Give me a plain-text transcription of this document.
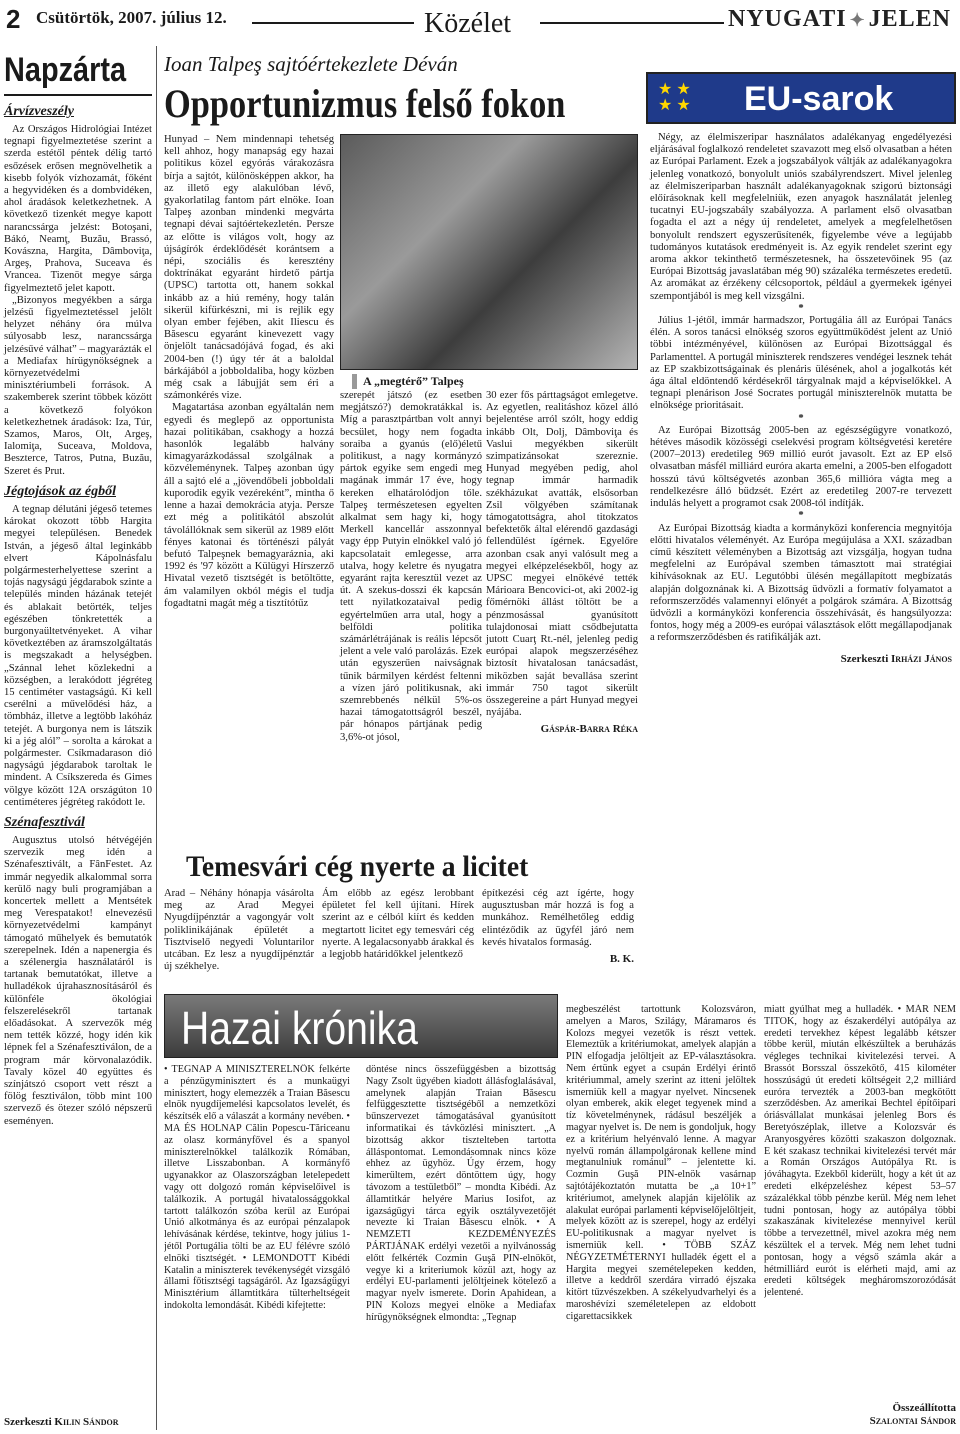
2 Csütörtök, 2007. július 12.	Közélet	NYUGATI ✦ JELEN
Napzárta
Árvízveszély

Az Országos Hidrológiai Intézet tegnapi figyelmeztetése szerint a szerda estétől péntek délig tartó esőzések erősen megnövelhetik a kisebb folyók vízhozamát, főként a hegyvidéken és a dombvidéken, ahol áradások keletkezhetnek. A következő tizenkét megye kapott narancssárga jelzést: Botoşani, Bákó, Neamţ, Buzău, Brassó, Kovászna, Hargita, Dâmboviţa, Argeş, Prahova, Suceava és Vrancea. Tizenöt megye sárga figyelmeztető jelet kapott.

„Bizonyos megyékben a sárga jelzésű figyelmeztetéssel jelölt helyzet néhány óra múlva súlyosabb lesz, narancssárga jelzésűvé válhat” – magyarázták el a Mediafax hírügynökségnek a környezetvédelmi minisztériumbeli források. A szakemberek szerint többek között a következő folyókon keletkezhetnek áradások: Iza, Túr, Szamos, Maros, Olt, Argeş, Ialomiţa, Suceava, Moldova, Beszterce, Tatros, Putna, Buzău, Szeret és Prut.

Jégtojások az égből

A tegnap délutáni jégeső tetemes károkat okozott több Hargita megyei településen. Benedek István, a jégeső által leginkább elvert Kápolnásfalu polgármesterhelyettese szerint a tojás nagyságú jégdarabok szinte a település minden házának tetejét és ablakait betörték, teljes egészében tönkretették a burgonyaültetvényeket. A vihar következtében az áramszolgáltatás is megszakadt a helységben. „Szánnal lehet közlekedni a községben, a lerakódott jégréteg 15 centiméter vastagságú. Ki kell cserélni a művelődési ház, a tömbház, illetve a legtöbb lakóház tetejét. A burgonya nem is látszik ki a jég alól” – sorolta a károkat a polgármester. Csíkmadarason dió nagyságú jégdarabok taroltak le mindent. A Csíkszereda és Gimes völgye között 12A országúton 10 centiméteres jégréteg rakódott le.

Szénafesztivál

Augusztus utolsó hétvégéjén szervezik meg idén a Szénafesztivált, a FânFestet. Az immár negyedik alkalommal sorra kerülő nagy buli programjában a koncertek mellett a Mentsétek meg Verespatakot! elnevezésű környezetvédelmi kampányt támogató műhelyek és bemutatók szerepelnek. Idén a napenergia és a szélenergia használatáról is tartanak bemutatókat, illetve a hulladékok újrahasznosításáról és különféle ökológiai felszerelésekről tartanak előadásokat. A szervezők még nem tették közzé, hogy idén kik lépnek fel a Szénafesztiválon, de a program már körvonalazódik. Tavaly közel 40 együttes és színjátszó csoport vett részt a fölög fesztiválon, több mint 100 szervező és ötezer szóló népszerű eseményen.

Szerkeszti Kilin Sándor
Ioan Talpeş sajtóértekezlete Déván
Opportunizmus felső fokon

Hunyad – Nem mindennapi tehetség kell ahhoz, hogy manapság egy hazai politikus közel egyórás várakozásra bírja a sajtót, különösképpen akkor, ha az illető egy alakulóban lévő, gyakorlatilag fantom párt elnöke. Ioan Talpeş azonban mindenki megvárta tegnapi dévai sajtóértekezletén. Persze az előtte is világos volt, hogy az újságírók érdeklődését korántsem a népi, szociális és keresztény doktrínákat egyaránt hirdető pártja (UPSC) tartotta ott, hanem sokkal inkább az a hiú remény, hogy talán sikerül kifürkészni, mi is rejlik egy olyan ember fejében, akit Iliescu és Băsescu egyaránt kinevezett vagy önjelölt tanácsadójává fogad, és aki 2004-ben (!) úgy tér át a baloldal bárkájából a jobboldaliba, hogy közben még csak a lábujját sem éri a számonkérés vize.

Magatartása azonban egyáltalán nem egyedi és meglepő az opportunista hazai politikában, csakhogy a hozzá hasonlók legalább halvány kimagyarázkodással szolgálnak a közvéleménynek. Talpeş azonban úgy áll a sajtó elé a „jövendőbeli jobboldali kuporodik egyik vezéreként”, mintha ő lenne a hazai demokrácia atyja. Persze ezt még a politikától abszolút távolállóknak sem sikerül az 1989 előtt fényes katonai és történészi pályát befutó Talpeşnek bemagyaráznia, aki 1992 és '97 között a Külügyi Hírszerző Hivatal vezető tisztségét is betöltötte, ám valamilyen okból mégis el tudja fogadtatni magát még a tisztítótűz

A „megtérő” Talpeş

szerepét játszó (ez esetben megjátszó?) demokratákkal is. Míg a parasztpártban volt annyi becsület, hogy nem fogadta soraiba a gyanús (elő)életű politikust, a nagy kormányzó pártok egyike sem engedi meg magának immár 17 éve, hogy kereken elhatárolódjon tőle. Talpeş természetesen egyelten alkalmat sem hagy ki, hogy Merkell kancellár asszonnyal vagy épp Putyin elnökkel való jó kapcsolatait emlegesse, arra utalva, hogy keletre és nyugatra egyaránt rajta keresztül vezet az út. A szekus-dosszi ék kapcsán tett nyilatkozataival pedig egyértelműen arra utal, hogy a belföldi politika számárlétrájának is reális lépcsőt jelent a vele való parolázás. Ezek után egyszerűen naivságnak tűnik bármilyen kérdést feltenni a vízen járó politikusnak, aki szemrebbenés nélkül 5%-os hazai támogatottságról beszél, pár hónapos pártjának pedig 3,6%-ot jósol,

30 ezer fős párttagságot emlegetve. Az egyetlen, realitáshoz közel álló bejelentése arról szólt, hogy eddig inkább Olt, Dolj, Dâmboviţa és Vaslui megyékben sikerült szimpatizánsokat szereznie. Hunyad megyében pedig, ahol tegnap immár harmadik székházukat avatták, elsősorban Zsil völgyében számítanak támogatottságra, ahol titokzatos befektetők által elérendő gazdasági fellendülést ígérnek. Egyelőre azonban csak anyi valósult meg a megyei elképzelésekből, hogy az UPSC megyei elnökévé tették Márioara Bencovici-ot, aki 2002-ig főmérnöki állást töltött be a pénzmosással gyanúsított tulajdonosai miatt csődbejutatta jutott Cuarţ Rt.-nél, jelenleg pedig európai alapok megszerzéséhez biztosít hivatalosan tanácsadást, miközben saját bevallása szerint immár 750 tagot sikerült összegereine a párt Hunyad megyei nyájába.

Gáspár-Barra Réka
Temesvári cég nyerte a licitet

Arad – Néhány hónapja vásárolta meg az Arad Megyei Nyugdíjpénztár a vagongyár volt poliklinikájának épületét a Tisztviselő negyedi Voluntarilor utcában. Ez lesz a nyugdíjpénztár új székhelye.

Ám előbb az egész lerobbant épületet fel kell újítani. Hírek szerint az e célból kiírt és kedden megtartott licitet egy temesvári cég nyerte. A legalacsonyabb árakkal és a legjobb határidőkkel jelentkező

építkezési cég azt ígérte, hogy augusztusban már hozzá is fog a munkához. Remélhetőleg eddig elintéződik az ügyfél járó nem kevés hivatalos formaság.

B. K.
★ ★
★ ★ EU-sarok

Négy, az élelmiszeripar használatos adalékanyag engedélyezési eljárásával foglalkozó rendeletet szavazott meg első olvasatban a héten az Európai Parlament. Ezek a jogszabályok váltják az adalékanyagokra jelenleg vonatkozó, bonyolult uniós szabályrendszert. Mivel jelenleg az élelmiszeriparban használt adalékanyagoknak szigorú biztonsági előírásoknak kell megfelelniük, ezen anyagok használatát jelenleg tucatnyi EU-jogszabály szabályozza. A parlament első olvasatban fogadta el azt a négy új rendeletet, amelyek a megfelelhetősen bonyolult rendszert egyszerűsítenék, figyelembe véve a legújabb tudományos kutatások eredményeit is. Az egyik rendelet szerint egy aroma akkor tekinthető természetesnek, ha összetevőinek 95 (az Európai Bizottság javaslatában még 90) százaléka természetes eredetű. Az aromákat az érzékeny célcsoportok, például a gyermekek igényei szempontjából is meg kell vizsgálni.

*

Július 1-jétől, immár harmadszor, Portugália áll az Európai Tanács élén. A soros tanácsi elnökség szoros együttműködést jelent az Unió többi intézményével, különösen az Európai Bizottsággal és Parlamenttel. A portugál miniszterek rendszeres vendégei lesznek tehát az EP szakbizottságainak és plenáris ülésének, ahol a jogalkotás két ága által eldöntendő kérdésekről tárgyalnak majd a képviselőkkel. A tegnapi plenárison José Socrates portugál miniszterelnök mutatta be elnöksége prioritásait.

*

Az Európai Bizottság 2005-ben az egészségügyre vonatkozó, hétéves második közösségi cselekvési program költségvetési keretére (2007–2013) eredetileg 969 millió eurót javasolt. Ezt az EP első olvasatban másfél milliárd euróra akarta emelni, a 2005-ben elfogadott hosszú távú költségvetés azonban 365,6 millióra vágta meg a rendelkezésre álló büdzsét. Ezért az eredetileg 2007-re tervezett indulás helyett a programot csak 2008-tól indítják.

*

Az Európai Bizottság kiadta a kormányközi konferencia megnyitója előtti hivatalos véleményét. Az Európa megújulása a XXI. században című készített véleményben a Bizottság azt vizsgálja, hogyan tudna megfelelni az Európával szemben támasztott mai stratégiai kihívásoknak az EU. Legutóbbi ülésén megállapított megbízatás alapján dolgoznának ki. A Bizottság üdvözli a formatív folyamatot a reformszerződés valamennyi előnyét a polgárok számára. A Bizottság üdvözli a kormányközi konferencia összehívását, és hangsúlyozza: fontos, hogy még a 2009-es európai választások előtt megállapodjanak a reformszerződésben és ratifikálják azt.

Szerkeszti Irházi János
Hazai krónika

• TEGNAP A MINISZTERELNÖK felkérte a pénzügyminisztert és a munkaügyi minisztert, hogy elemezzék a Traian Băsescu elnök nyugdíjemelési kapcsolatos levelét, és készítsék elő a válaszát a kormány nevében. • MA ÉS HOLNAP Călin Popescu-Tăriceanu az olasz kormányfővel és a spanyol miniszterelnökkel találkozik Rómában, illetve Lisszabonban. A kormányfő ugyanakkor az Olaszországban letelepedett vagy ott dolgozó román képviselőivel is találkozik. A portugál hivatalossággokkal tartott találkozón szóba kerül az Európai Unió alkotmánya és az európai pénzalapok lehívásának kérdése, tekintve, hogy július 1-jétől Portugália tölti be az EU félévre szóló elnöki tisztségét. • LEMONDOTT Kibédi Katalin a miniszterek tevékenységét vizsgáló állami főtisztségi tagságáról. Az Igazságügyi Minisztérium államtitkára tülterheltségeit indokolta lemondását. Kibédi kifejtette:

döntése nincs összefüggésben a bizottság Nagy Zsolt ügyében kiadott állásfoglalásával, amelynek alapján Traian Băsescu felfüggesztette tisztségéből a nemzetközi bűnszervezet támogatásával gyanúsított informatikai és távközlési minisztert. „A bizottság akkor tisztelteben tartotta álláspontomat. Lemondásomnak nincs köze ehhez az ügyhöz. Úgy érzem, hogy kimerültem, ezért döntöttem úgy, hogy távozom a testületből” – mondta Kibédi. Az államtitkár helyére Marius Iosifot, az igazságügyi tárca egyik osztályvezetőjét nevezte ki Traian Băsescu elnök. • A NEMZETI KEZDEMÉNYEZÉS PÁRTJÁNAK erdélyi vezetői a nyilvánosság előtt felkérték Cozmin Guşă PIN-elnököt, vegye ki a kriteriumok közül azt, hogy az erdélyi EU-parlamenti jelöltjeinek kötelező a magyar nyelv ismerete. Dorin Apahidean, a PIN Kolozs megyei elnöke a Mediafax hírügynökségnek elmondta: „Tegnap

megbeszélést tartottunk Kolozsváron, amelyen a Maros, Szilágy, Máramaros és Kolozs megyei vezetők is részt vettek. Elemeztük a kritériumokat, amelyek alapján a PIN elfogadja jelöltjeit az EP-választásokra. Nem értünk egyet a csupán Erdélyi érintő kritériummal, amely szerint az itteni jelöltek ismerniük kell a magyar nyelvet. Nincsenek olyan emberek, akik eleget tegyenek mind a tíz követelménynek, rádásul beszéljék a magyar nyelvet is. De nem is gondoljuk, hogy ez a kritérium helyénvaló lenne. A magyar nyelvű román állampolgáronak kellene mind megtanulniuk románul” – jelentette ki. Cozmin Guşă PIN-elnök vasárnap sajtótájékoztatón mutatta be „a 10+1” kritériumot, amelynek alapján kijelölik az alakulat európai parlamenti képviselőjelöltjeit, melyek között az is szerepel, hogy az erdélyi EU-politikusnak a magyar nyelvet is ismerniük kell. • TÖBB SZÁZ NÉGYZETMÉTERNYI hulladék égett el a Hargita megyei szemételepeken kedden, illetve a keddről szerdára virradó éjszaka kitört tűzvészekben. A székelyudvarhelyi és a maroshévízi személetelepen az eldobott cigarettacsikkek

miatt gyúlhat meg a hulladék. • MÁR NEM TITOK, hogy az északerdélyi autópálya az eredeti tervekhez képest legalább kétszer többe kerül, miután elkészültek a beruházás végleges technikai kivitelezési tervei. A Brassót Borsszal összekötő, 415 kilométer hosszúságú út eredeti költségeit 2,2 milliárd euróra tervezték a 2003-ban megkötött szerződésben. Az amerikai Bechtel építőipari óriásvállalat munkásai jelenleg Bors és Beretyószéplak, illetve a Kolozsvár és Aranyosgyéres közötti szakaszon dolgoznak. E két szakasz technikai kivitelezési tervét már a Román Országos Autópálya Rt. is jóváhagyta. Ezekből kiderült, hogy a két út az eredeti elképzeléshez képest 53–57 százalékkal több pénzbe kerül. Még nem lehet tudni pontosan, hogy az autópálya többi szakaszának kivitelezése mennyivel kerül többe a tervezettnél, mivel azokra még nem készültek el a tervek. Még nem lehet tudni pontosan, hogy a végső számla akár a hétmilliárd eurót is elérheti majd, ami az eredeti költségek megháromszorozódását jelentené.

Összeállította
Szalontai Sándor
